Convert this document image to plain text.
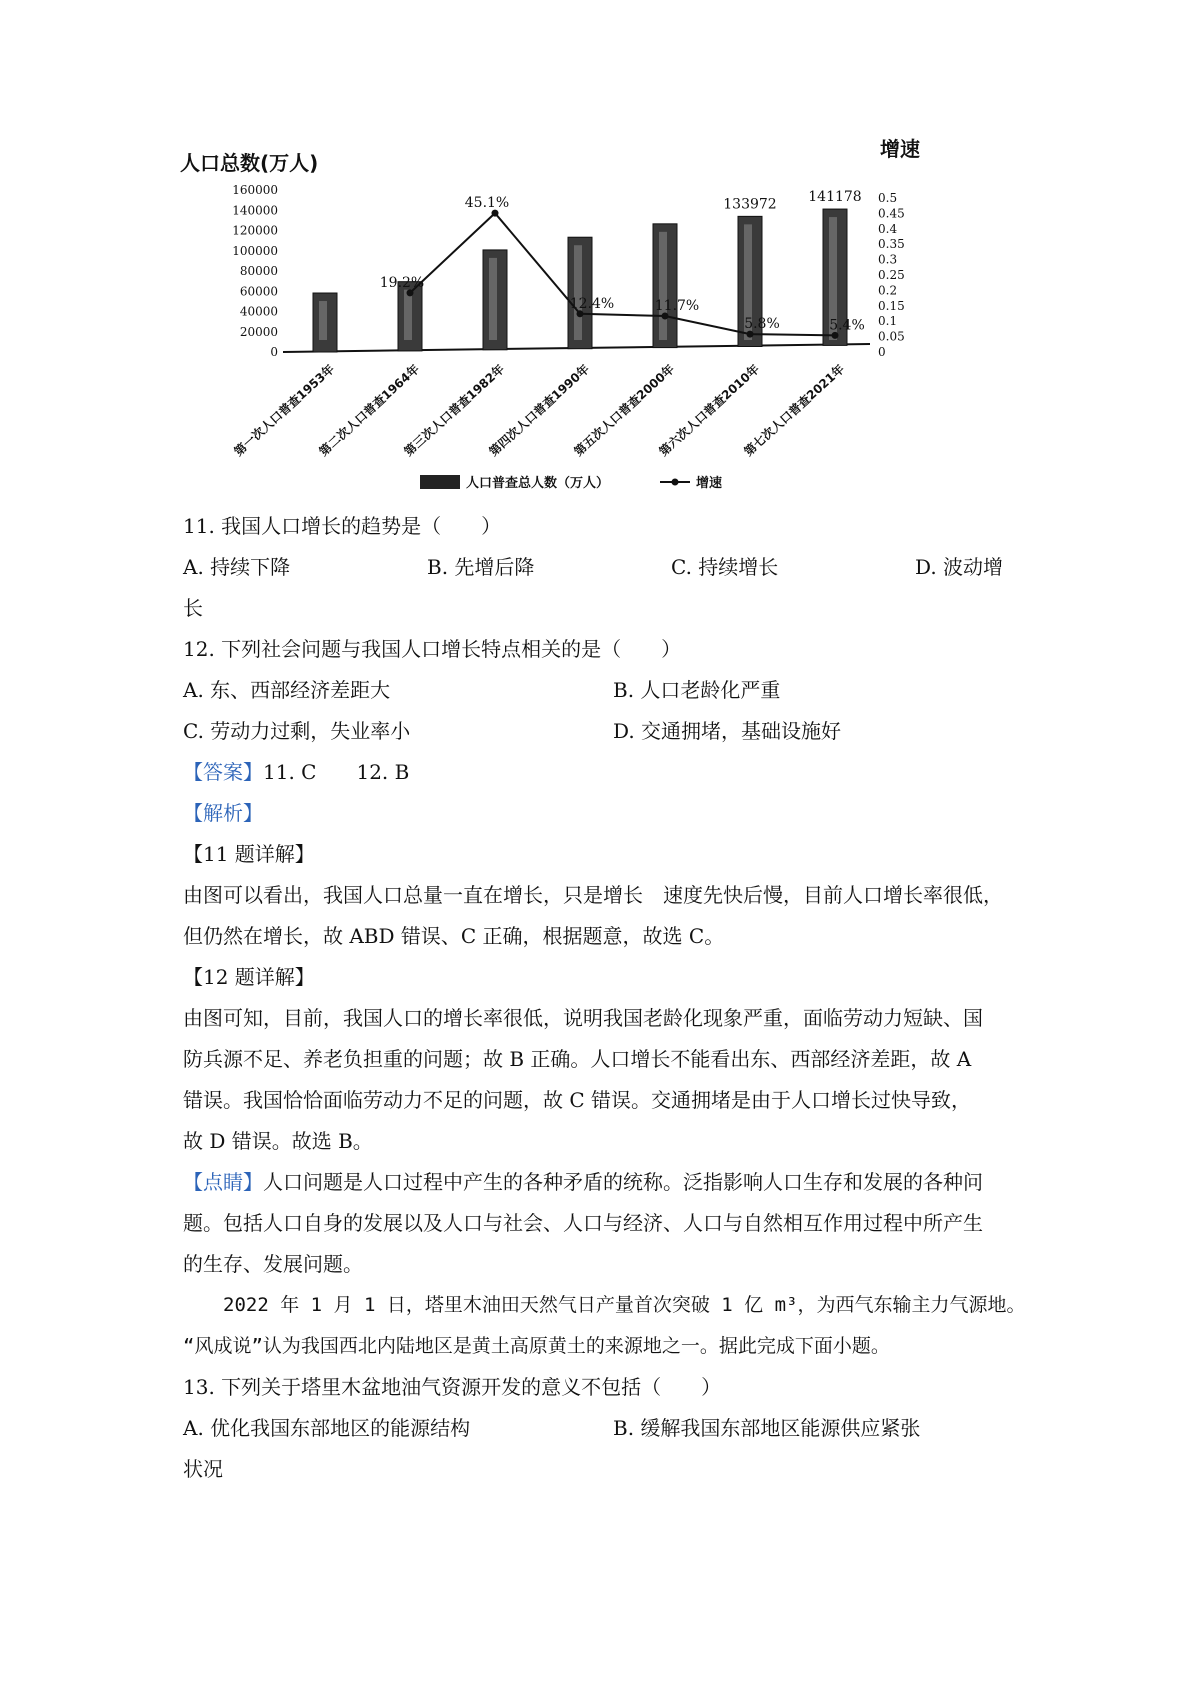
人口总数(万人)
增速
160000
140000
120000
100000
80000
60000
40000
20000
0
0.5
0.45
0.4
0.35
0.3
0.25
0.2
0.15
0.1
0.05
0
133972 141178
19.2%
45.1%
12.4%	11.7%
5.8%	5.4%
第一次人口普查1953年
第二次人口普查1964年
第三次人口普查1982年
第四次人口普查1990年
第五次人口普查2000年
第六次人口普查2010年
第七次人口普查2021年
人口普查总人数（万人）	增速
11. 我国人口增长的趋势是（　　）
A. 持续下降	B. 先增后降	C. 持续增长	D. 波动增
长
12. 下列社会问题与我国人口增长特点相关的是（　　）
A. 东、西部经济差距大	B. 人口老龄化严重
C. 劳动力过剩，失业率小	D. 交通拥堵，基础设施好
【答案】11. C　　12. B
【解析】
【11 题详解】
由图可以看出，我国人口总量一直在增长，只是增长　速度先快后慢，目前人口增长率很低，
但仍然在增长，故 ABD 错误、C 正确，根据题意，故选 C。
【12 题详解】
由图可知，目前，我国人口的增长率很低，说明我国老龄化现象严重，面临劳动力短缺、国
防兵源不足、养老负担重的问题；故 B 正确。人口增长不能看出东、西部经济差距，故 A
错误。我国恰恰面临劳动力不足的问题，故 C 错误。交通拥堵是由于人口增长过快导致，
故 D 错误。故选 B。
【点睛】人口问题是人口过程中产生的各种矛盾的统称。泛指影响人口生存和发展的各种问
题。包括人口自身的发展以及人口与社会、人口与经济、人口与自然相互作用过程中所产生
的生存、发展问题。
2022 年 1 月 1 日，塔里木油田天然气日产量首次突破 1 亿 m³，为西气东输主力气源地。
“风成说”认为我国西北内陆地区是黄土高原黄土的来源地之一。据此完成下面小题。
13. 下列关于塔里木盆地油气资源开发的意义不包括（　　）
A. 优化我国东部地区的能源结构	B. 缓解我国东部地区能源供应紧张
状况
